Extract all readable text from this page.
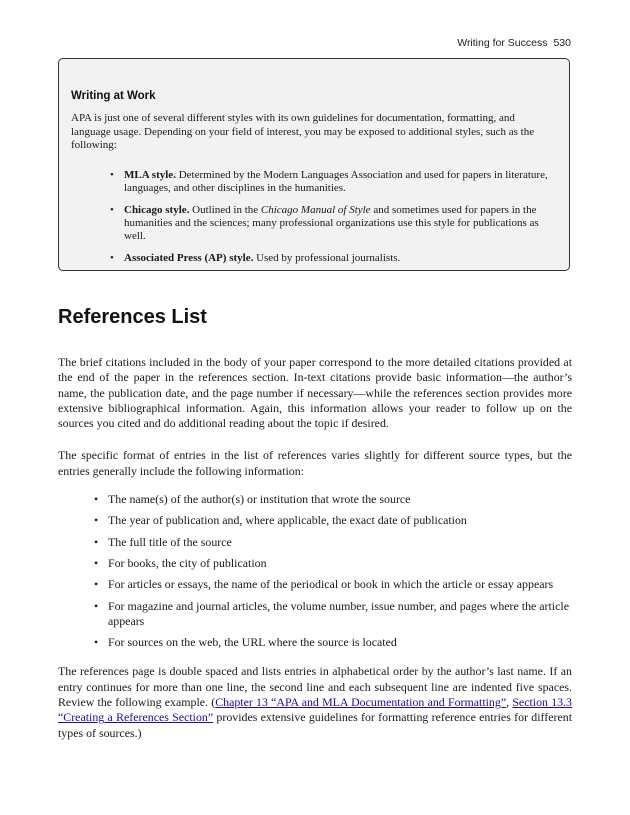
Writing for Success 530
Writing at Work

APA is just one of several different styles with its own guidelines for documentation, formatting, and language usage. Depending on your field of interest, you may be exposed to additional styles, such as the following:

• MLA style. Determined by the Modern Languages Association and used for papers in literature, languages, and other disciplines in the humanities.
• Chicago style. Outlined in the Chicago Manual of Style and sometimes used for papers in the humanities and the sciences; many professional organizations use this style for publications as well.
• Associated Press (AP) style. Used by professional journalists.
References List

The brief citations included in the body of your paper correspond to the more detailed citations provided at the end of the paper in the references section. In-text citations provide basic information—the author’s name, the publication date, and the page number if necessary—while the references section provides more extensive bibliographical information. Again, this information allows your reader to follow up on the sources you cited and do additional reading about the topic if desired.

The specific format of entries in the list of references varies slightly for different source types, but the entries generally include the following information:

• The name(s) of the author(s) or institution that wrote the source
• The year of publication and, where applicable, the exact date of publication
• The full title of the source
• For books, the city of publication
• For articles or essays, the name of the periodical or book in which the article or essay appears
• For magazine and journal articles, the volume number, issue number, and pages where the article appears
• For sources on the web, the URL where the source is located

The references page is double spaced and lists entries in alphabetical order by the author’s last name. If an entry continues for more than one line, the second line and each subsequent line are indented five spaces. Review the following example. (Chapter 13 “APA and MLA Documentation and Formatting”, Section 13.3 “Creating a References Section” provides extensive guidelines for formatting reference entries for different types of sources.)
